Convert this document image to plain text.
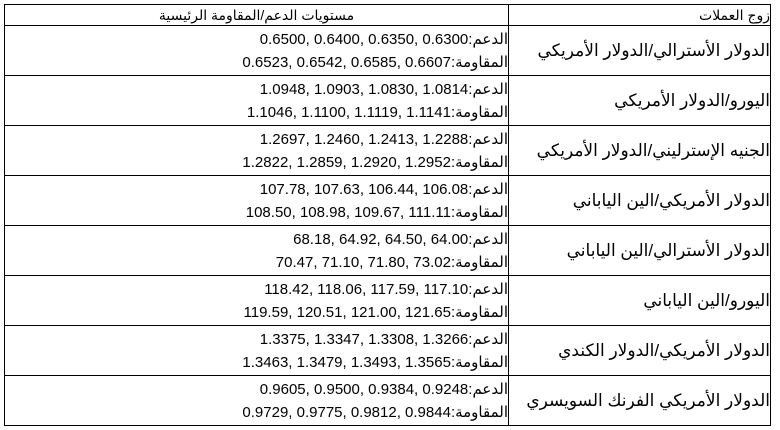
مستويات الدعم/المقاومة الرئيسية	زوج العملات

الدعم:0.6500, 0.6400, 0.6350, 0.6300
المقاومة:0.6523, 0.6542, 0.6585, 0.6607	الدولار الأسترالي/الدولار الأمريكي

الدعم:1.0948, 1.0903, 1.0830, 1.0814
المقاومة:1.1046, 1.1100, 1.1119, 1.1141	اليورو/الدولار الأمريكي

الدعم:1.2697, 1.2460, 1.2413, 1.2288
المقاومة:1.2822, 1.2859, 1.2920, 1.2952	الجنيه الإسترليني/الدولار الأمريكي

الدعم:107.78, 107.63, 106.44, 106.08
المقاومة:108.50, 108.98, 109.67, 111.11	الدولار الأمريكي/الين الياباني

الدعم:68.18, 64.92, 64.50, 64.00
المقاومة:70.47, 71.10, 71.80, 73.02	الدولار الأسترالي/الين الياباني

الدعم:118.42, 118.06, 117.59, 117.10
المقاومة:119.59, 120.51, 121.00, 121.65	اليورو/الين الياباني

الدعم:1.3375, 1.3347, 1.3308, 1.3266
المقاومة:1.3463, 1.3479, 1.3493, 1.3565	الدولار الأمريكي/الدولار الكندي

الدعم:0.9605, 0.9500, 0.9384, 0.9248
المقاومة:0.9729, 0.9775, 0.9812, 0.9844	الدولار الأمريكي الفرنك السويسري
